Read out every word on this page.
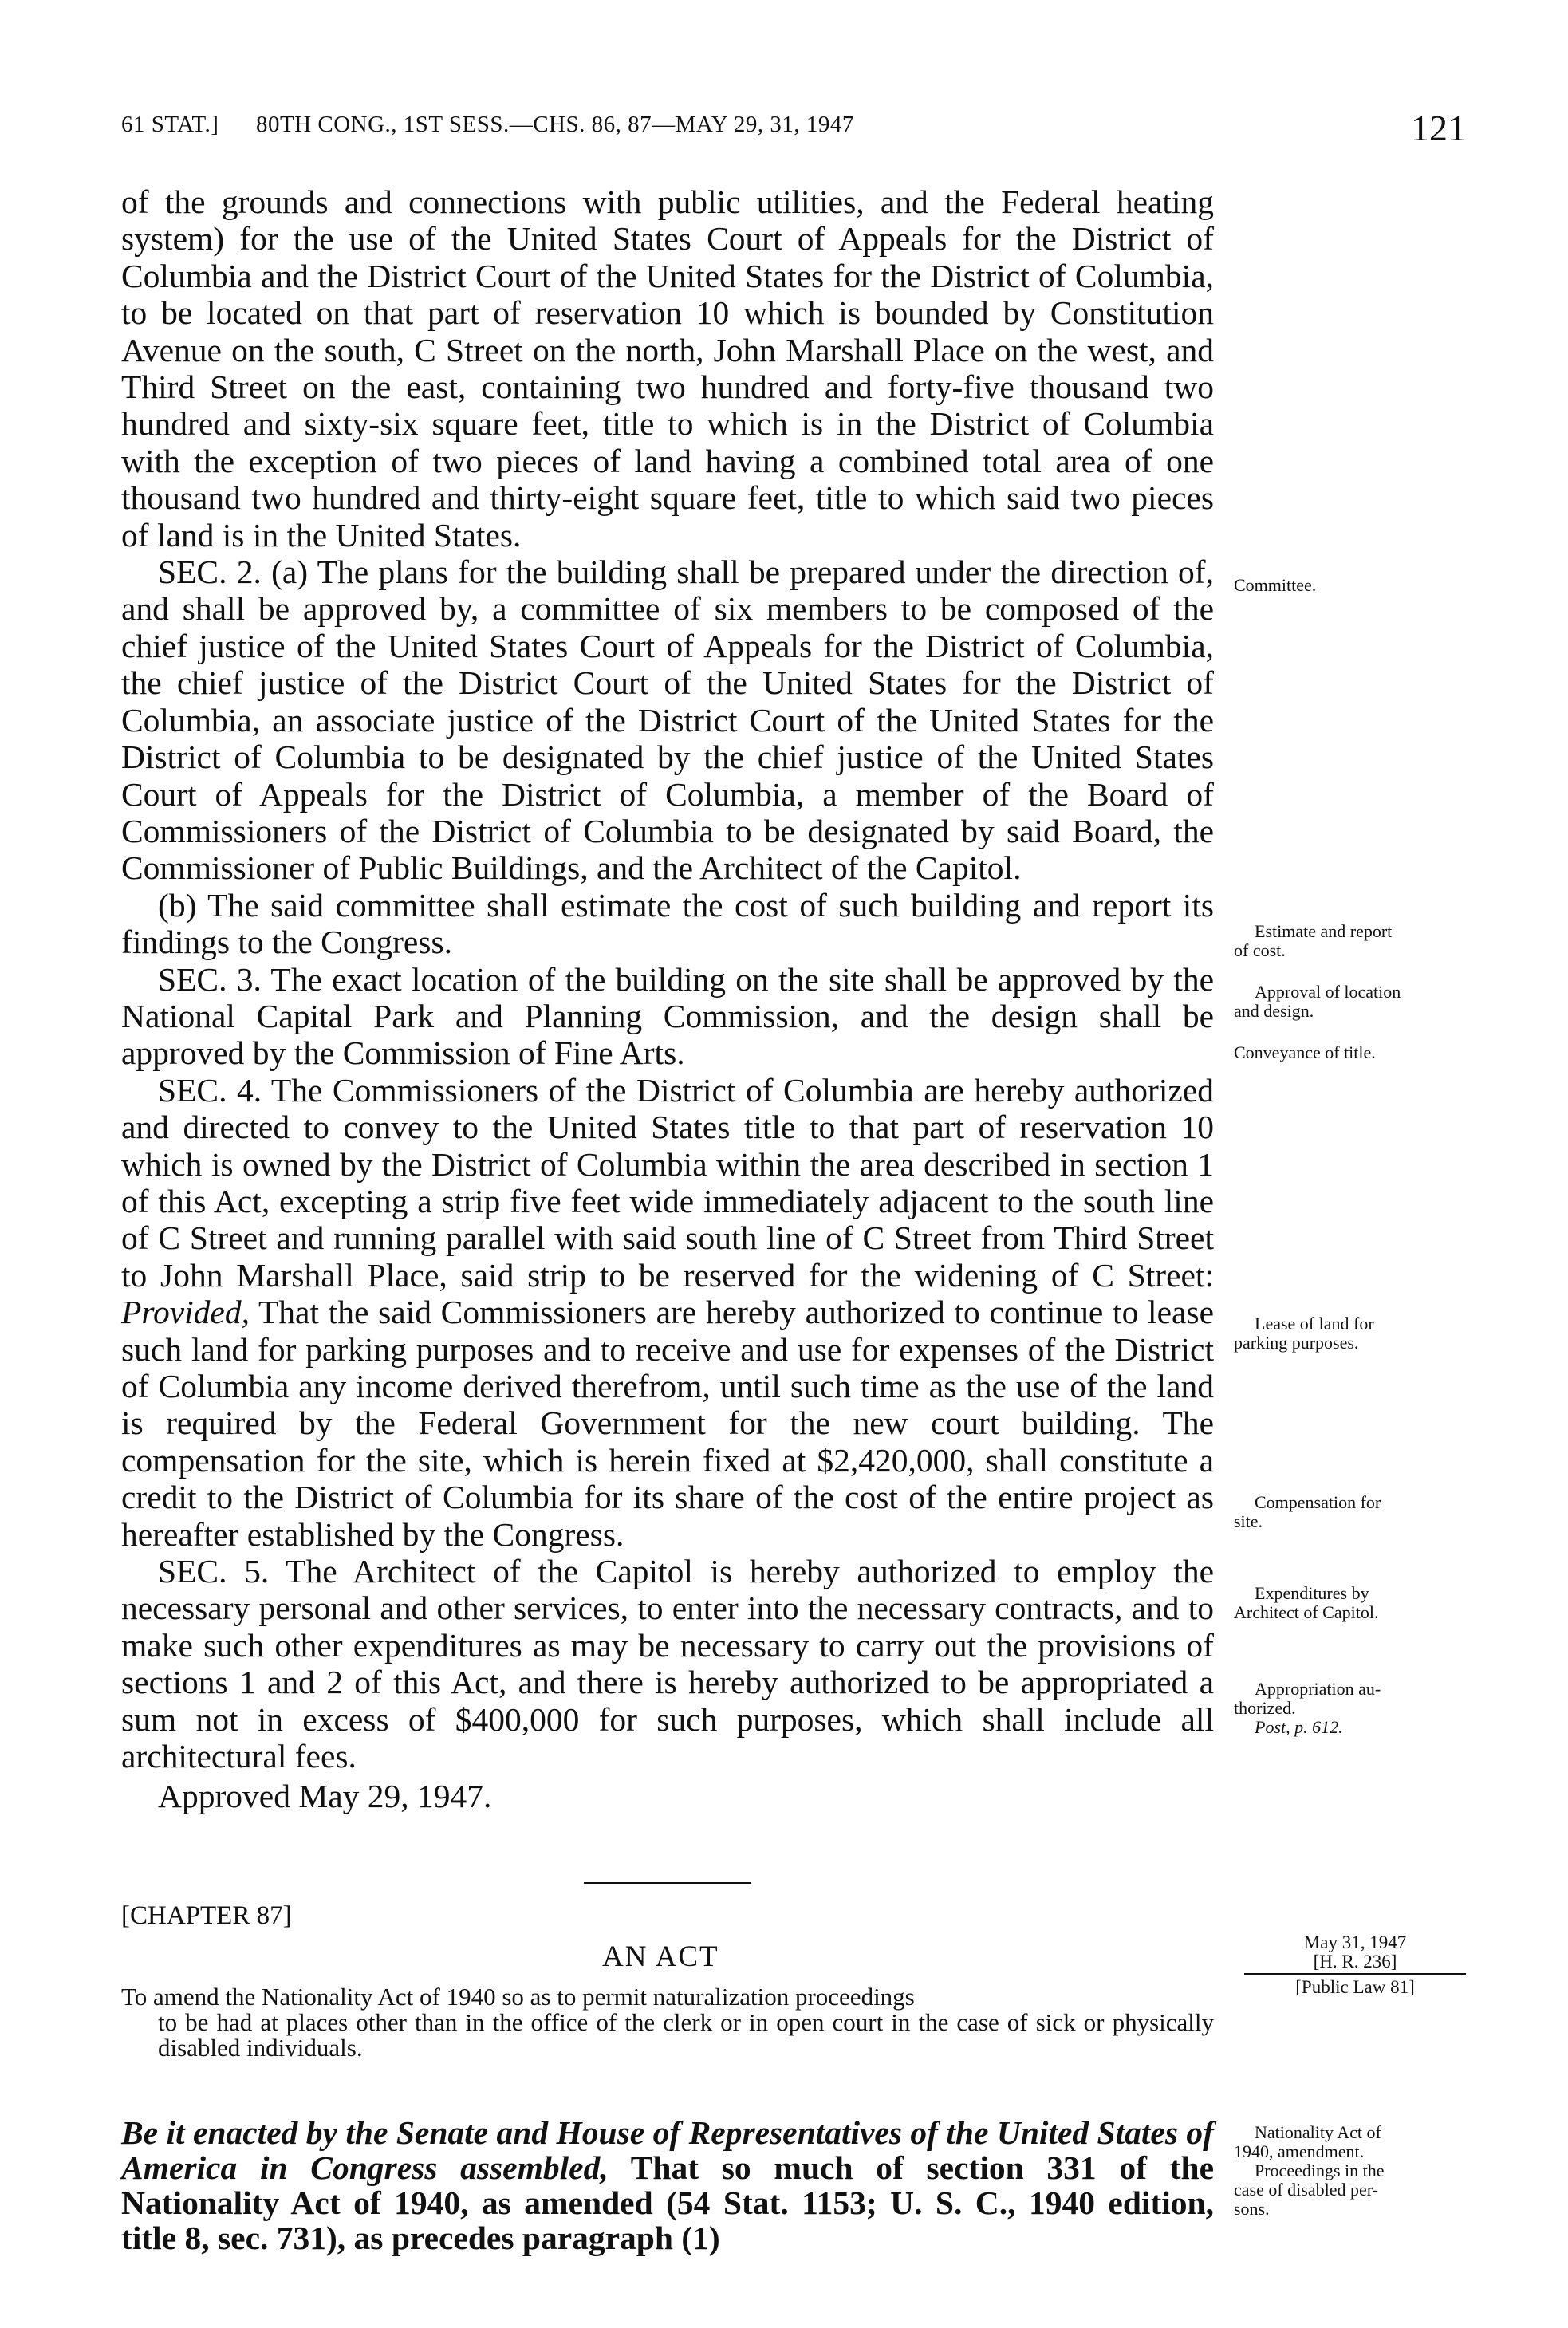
61 STAT.]      80TH CONG., 1ST SESS.—CHS. 86, 87—MAY 29, 31, 1947	121

of the grounds and connections with public utilities, and the Federal heating system) for the use of the United States Court of Appeals for the District of Columbia and the District Court of the United States for the District of Columbia, to be located on that part of reservation 10 which is bounded by Constitution Avenue on the south, C Street on the north, John Marshall Place on the west, and Third Street on the east, containing two hundred and forty-five thousand two hundred and sixty-six square feet, title to which is in the District of Columbia with the exception of two pieces of land having a combined total area of one thousand two hundred and thirty-eight square feet, title to which said two pieces of land is in the United States.

SEC. 2. (a) The plans for the building shall be prepared under the direction of, and shall be approved by, a committee of six members to be composed of the chief justice of the United States Court of Appeals for the District of Columbia, the chief justice of the District Court of the United States for the District of Columbia, an associate justice of the District Court of the United States for the District of Columbia to be designated by the chief justice of the United States Court of Appeals for the District of Columbia, a member of the Board of Commissioners of the District of Columbia to be designated by said Board, the Commissioner of Public Buildings, and the Architect of the Capitol.

(b) The said committee shall estimate the cost of such building and report its findings to the Congress.

SEC. 3. The exact location of the building on the site shall be approved by the National Capital Park and Planning Commission, and the design shall be approved by the Commission of Fine Arts.

SEC. 4. The Commissioners of the District of Columbia are hereby authorized and directed to convey to the United States title to that part of reservation 10 which is owned by the District of Columbia within the area described in section 1 of this Act, excepting a strip five feet wide immediately adjacent to the south line of C Street and running parallel with said south line of C Street from Third Street to John Marshall Place, said strip to be reserved for the widening of C Street: Provided, That the said Commissioners are hereby authorized to continue to lease such land for parking purposes and to receive and use for expenses of the District of Columbia any income derived therefrom, until such time as the use of the land is required by the Federal Government for the new court building. The compensation for the site, which is herein fixed at $2,420,000, shall constitute a credit to the District of Columbia for its share of the cost of the entire project as hereafter established by the Congress.

SEC. 5. The Architect of the Capitol is hereby authorized to employ the necessary personal and other services, to enter into the necessary contracts, and to make such other expenditures as may be necessary to carry out the provisions of sections 1 and 2 of this Act, and there is hereby authorized to be appropriated a sum not in excess of $400,000 for such purposes, which shall include all architectural fees.

Approved May 29, 1947.

Committee.
Estimate and report
of cost.
Approval of location
and design.
Conveyance of title.
Lease of land for
parking purposes.
Compensation for
site.
Expenditures by
Architect of Capitol.
Appropriation au-
thorized.
Post, p. 612.
[CHAPTER 87]
AN ACT
To amend the Nationality Act of 1940 so as to permit naturalization proceedings
to be had at places other than in the office of the clerk or in open court in the case of sick or physically disabled individuals.
May 31, 1947
[H. R. 236]
[Public Law 81]
Be it enacted by the Senate and House of Representatives of the United States of America in Congress assembled, That so much of section 331 of the Nationality Act of 1940, as amended (54 Stat. 1153; U. S. C., 1940 edition, title 8, sec. 731), as precedes paragraph (1)
Nationality Act of
1940, amendment.
Proceedings in the
case of disabled per-
sons.
